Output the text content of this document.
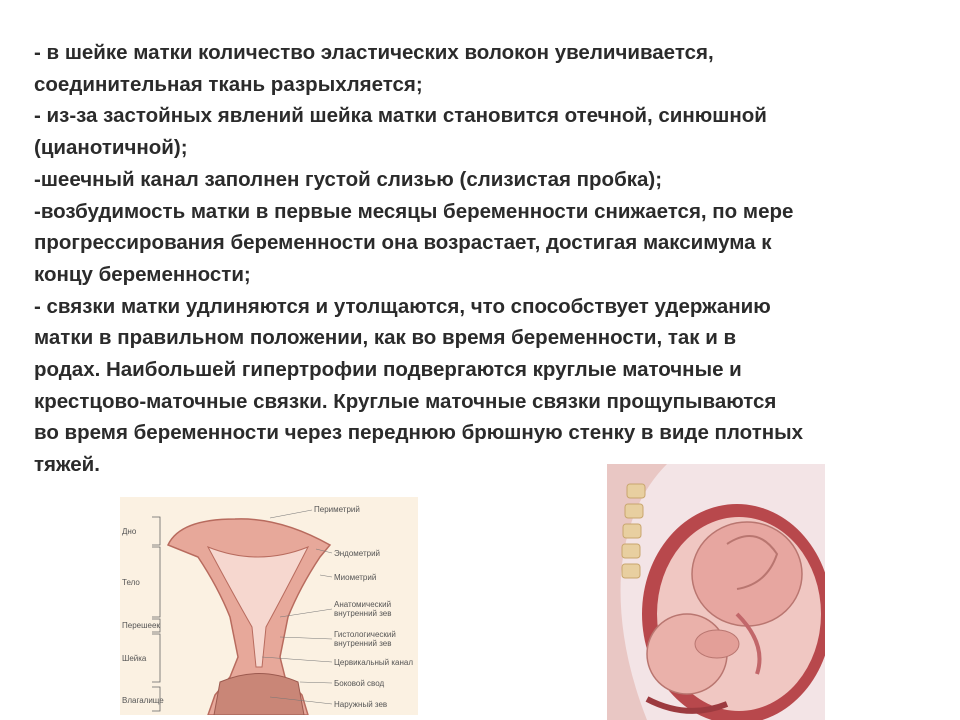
- в шейке матки количество эластических волокон увеличивается,
соединительная ткань разрыхляется;

- из-за застойных явлений шейка матки становится отечной, синюшной
(цианотичной);

-шеечный канал заполнен густой слизью (слизистая пробка);

-возбудимость матки в первые месяцы беременности снижается, по мере
прогрессирования беременности она возрастает, достигая максимума к
концу беременности;

- связки матки удлиняются и утолщаются, что способствует удержанию
матки в правильном положении, как во время беременности, так и в
родах. Наибольшей гипертрофии подвергаются круглые маточные и
крестцово-маточные связки. Круглые маточные связки прощупываются
во время беременности через переднюю брюшную стенку в виде плотных
тяжей.

Дно
Тело
Перешеек
Шейка
Влагалище
Периметрий
Эндометрий
Миометрий
Анатомический внутренний зев
Гистологический внутренний зев
Цервикальный канал
Боковой свод
Наружный зев
